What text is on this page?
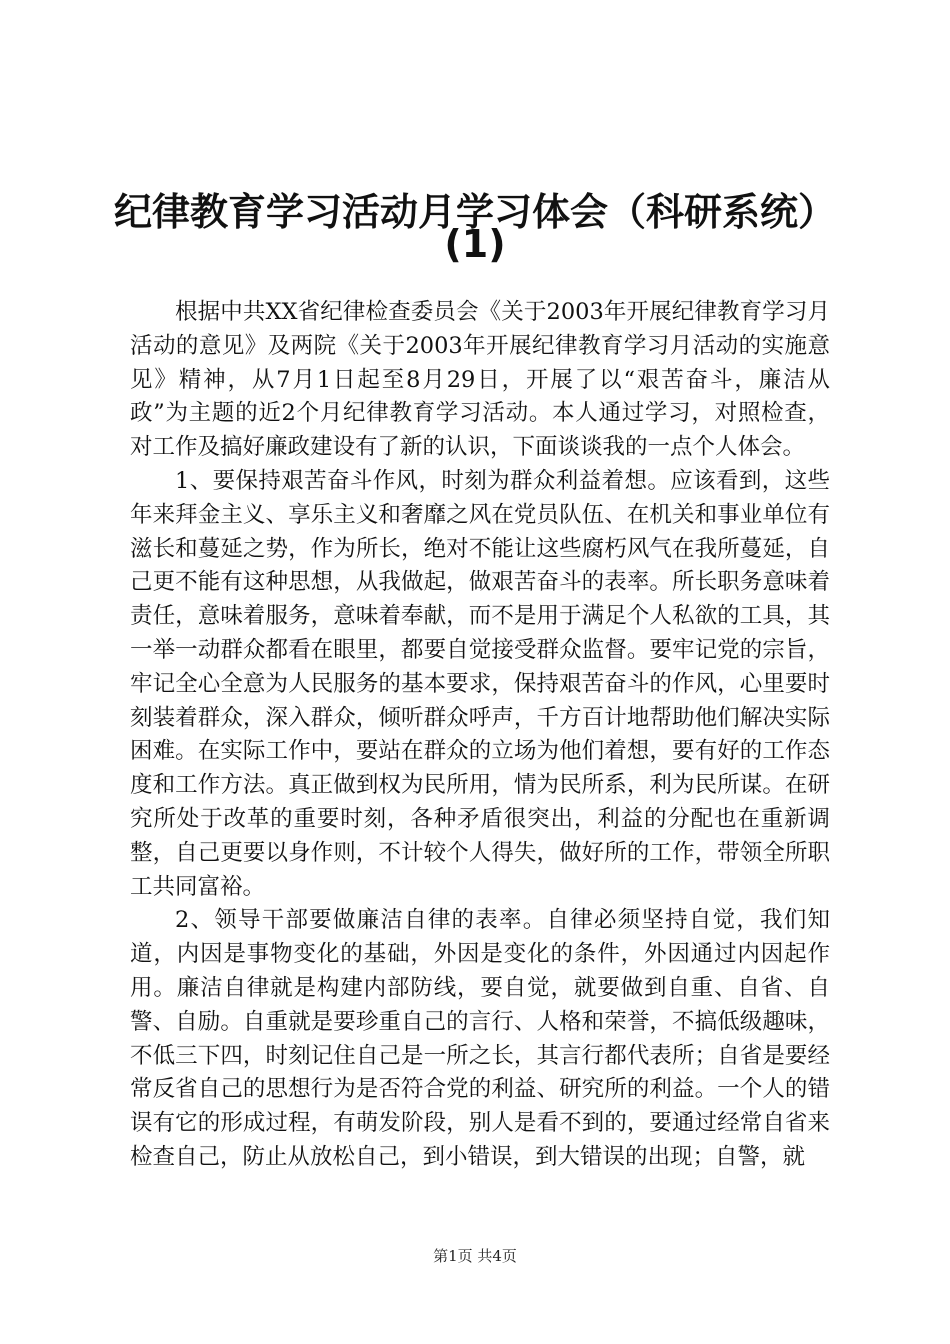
纪律教育学习活动月学习体会（科研系统）
(1)

根据中共XX省纪律检查委员会《关于2003年开展纪律教育学习月活动的意见》及两院《关于2003年开展纪律教育学习月活动的实施意见》精神，从7月1日起至8月29日，开展了以“艰苦奋斗，廉洁从政”为主题的近2个月纪律教育学习活动。本人通过学习，对照检查，对工作及搞好廉政建设有了新的认识，下面谈谈我的一点个人体会。

1、要保持艰苦奋斗作风，时刻为群众利益着想。应该看到，这些年来拜金主义、享乐主义和奢靡之风在党员队伍、在机关和事业单位有滋长和蔓延之势，作为所长，绝对不能让这些腐朽风气在我所蔓延，自己更不能有这种思想，从我做起，做艰苦奋斗的表率。所长职务意味着责任，意味着服务，意味着奉献，而不是用于满足个人私欲的工具，其一举一动群众都看在眼里，都要自觉接受群众监督。要牢记党的宗旨，牢记全心全意为人民服务的基本要求，保持艰苦奋斗的作风，心里要时刻装着群众，深入群众，倾听群众呼声，千方百计地帮助他们解决实际困难。在实际工作中，要站在群众的立场为他们着想，要有好的工作态度和工作方法。真正做到权为民所用，情为民所系，利为民所谋。在研究所处于改革的重要时刻，各种矛盾很突出，利益的分配也在重新调整，自己更要以身作则，不计较个人得失，做好所的工作，带领全所职工共同富裕。

2、领导干部要做廉洁自律的表率。自律必须坚持自觉，我们知道，内因是事物变化的基础，外因是变化的条件，外因通过内因起作用。廉洁自律就是构建内部防线，要自觉，就要做到自重、自省、自警、自励。自重就是要珍重自己的言行、人格和荣誉，不搞低级趣味，不低三下四，时刻记住自己是一所之长，其言行都代表所；自省是要经常反省自己的思想行为是否符合党的利益、研究所的利益。一个人的错误有它的形成过程，有萌发阶段，别人是看不到的，要通过经常自省来检查自己，防止从放松自己，到小错误，到大错误的出现；自警，就

第1页 共4页
